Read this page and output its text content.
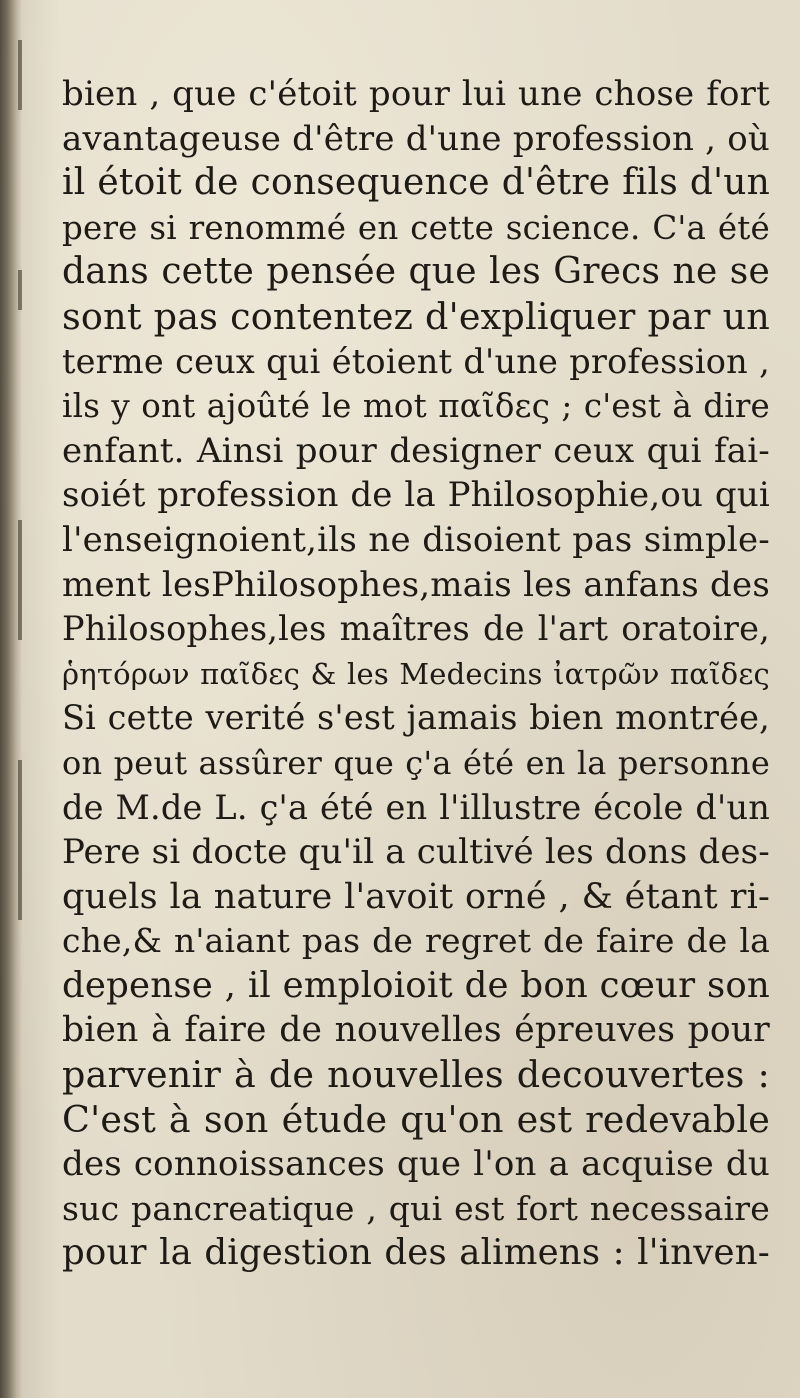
bien , que c'étoit pour lui une chose fort
avantageuse d'être d'une profession , où
il étoit de consequence d'être fils d'un
pere si renommé en cette science. C'a été
dans cette pensée que les Grecs ne se
sont pas contentez d'expliquer par un
terme ceux qui étoient d'une profession ,
ils y ont ajoûté le mot παῖδες ; c'est à dire
enfant. Ainsi pour designer ceux qui fai-
soiét profession de la Philosophie,ou qui
l'enseignoient,ils ne disoient pas simple-
ment lesPhilosophes,mais les anfans des
Philosophes,les maîtres de l'art oratoire,
ῥητόρων παῖδες & les Medecins ἰατρῶν παῖδες
Si cette verité s'est jamais bien montrée,
on peut assûrer que ç'a été en la personne
de M.de L. ç'a été en l'illustre école d'un
Pere si docte qu'il a cultivé les dons des-
quels la nature l'avoit orné , & étant ri-
che,& n'aiant pas de regret de faire de la
depense , il emploioit de bon cœur son
bien à faire de nouvelles épreuves pour
parvenir à de nouvelles decouvertes :
C'est à son étude qu'on est redevable
des connoissances que l'on a acquise du
suc pancreatique , qui est fort necessaire
pour la digestion des alimens : l'inven-
